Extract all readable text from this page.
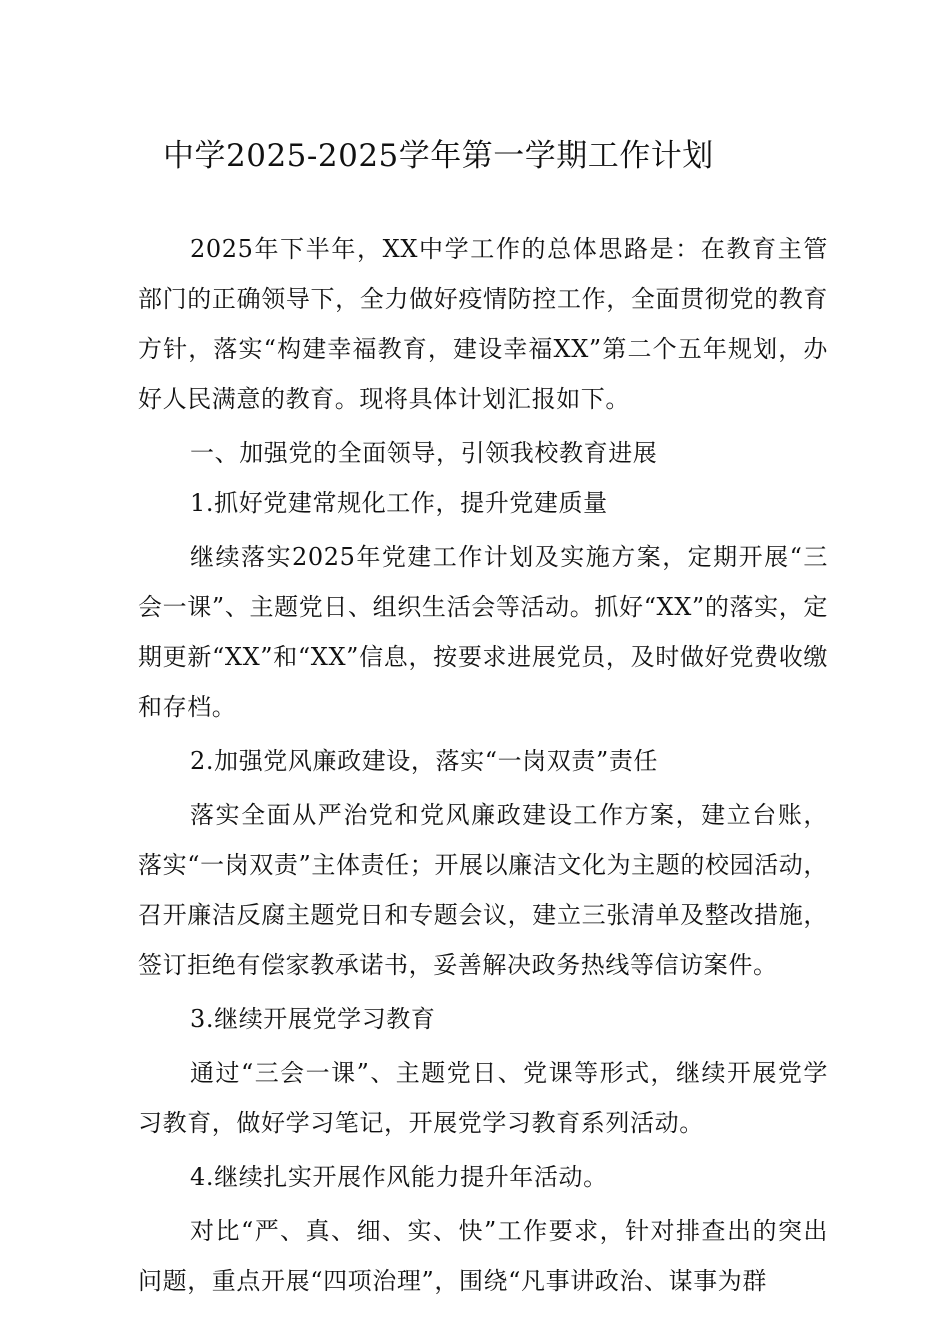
中学2025-2025学年第一学期工作计划

2025年下半年，XX中学工作的总体思路是：在教育主管部门的正确领导下，全力做好疫情防控工作，全面贯彻党的教育方针，落实“构建幸福教育，建设幸福XX”第二个五年规划，办好人民满意的教育。现将具体计划汇报如下。

一、加强党的全面领导，引领我校教育进展

1.抓好党建常规化工作，提升党建质量

继续落实2025年党建工作计划及实施方案，定期开展“三会一课”、主题党日、组织生活会等活动。抓好“XX”的落实，定期更新“XX”和“XX”信息，按要求进展党员，及时做好党费收缴和存档。

2.加强党风廉政建设，落实“一岗双责”责任

落实全面从严治党和党风廉政建设工作方案，建立台账，落实“一岗双责”主体责任；开展以廉洁文化为主题的校园活动，召开廉洁反腐主题党日和专题会议，建立三张清单及整改措施，签订拒绝有偿家教承诺书，妥善解决政务热线等信访案件。

3.继续开展党学习教育

通过“三会一课”、主题党日、党课等形式，继续开展党学习教育，做好学习笔记，开展党学习教育系列活动。

4.继续扎实开展作风能力提升年活动。

对比“严、真、细、实、快”工作要求，针对排查出的突出问题，重点开展“四项治理”，围绕“凡事讲政治、谋事为群
